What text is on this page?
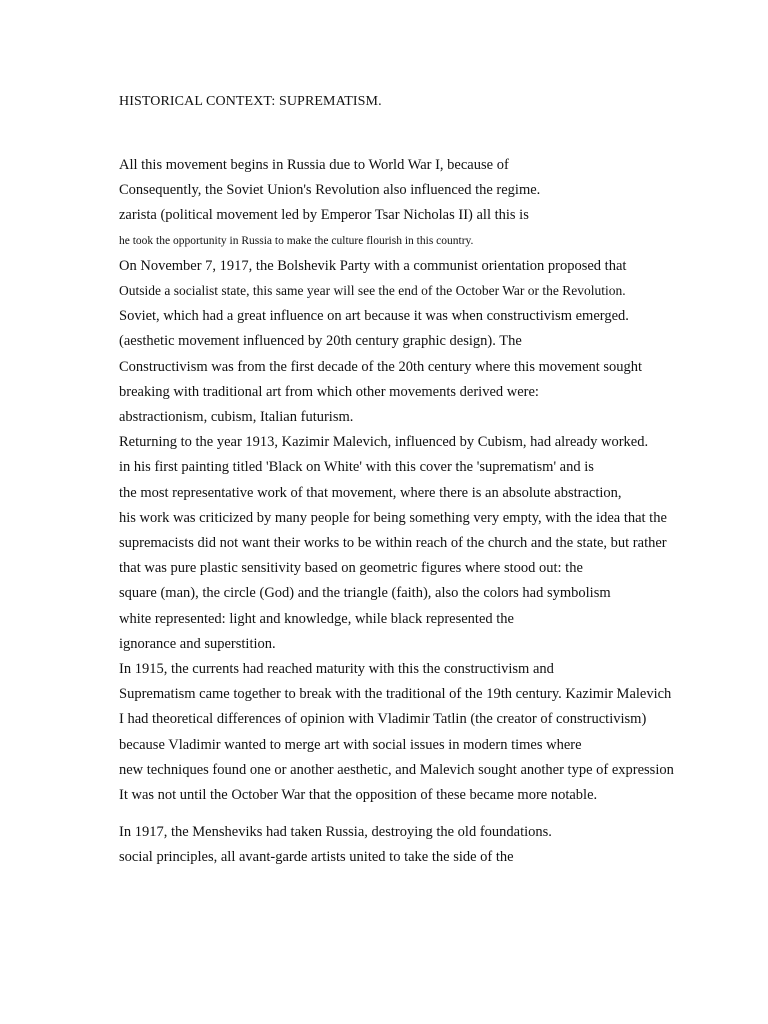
HISTORICAL CONTEXT: SUPREMATISM.
All this movement begins in Russia due to World War I, because of
Consequently, the Soviet Union's Revolution also influenced the regime.
zarista (political movement led by Emperor Tsar Nicholas II) all this is
he took the opportunity in Russia to make the culture flourish in this country.
On November 7, 1917, the Bolshevik Party with a communist orientation proposed that
Outside a socialist state, this same year will see the end of the October War or the Revolution.
Soviet, which had a great influence on art because it was when constructivism emerged.
(aesthetic movement influenced by 20th century graphic design). The
Constructivism was from the first decade of the 20th century where this movement sought
breaking with traditional art from which other movements derived were:
abstractionism, cubism, Italian futurism.
Returning to the year 1913, Kazimir Malevich, influenced by Cubism, had already worked.
in his first painting titled 'Black on White' with this cover the 'suprematism' and is
the most representative work of that movement, where there is an absolute abstraction,
his work was criticized by many people for being something very empty, with the idea that the
supremacists did not want their works to be within reach of the church and the state, but rather
that was pure plastic sensitivity based on geometric figures where stood out: the
square (man), the circle (God) and the triangle (faith), also the colors had symbolism
white represented: light and knowledge, while black represented the
ignorance and superstition.
In 1915, the currents had reached maturity with this the constructivism and
Suprematism came together to break with the traditional of the 19th century. Kazimir Malevich
I had theoretical differences of opinion with Vladimir Tatlin (the creator of constructivism)
because Vladimir wanted to merge art with social issues in modern times where
new techniques found one or another aesthetic, and Malevich sought another type of expression
It was not until the October War that the opposition of these became more notable.
In 1917, the Mensheviks had taken Russia, destroying the old foundations.
social principles, all avant-garde artists united to take the side of the
